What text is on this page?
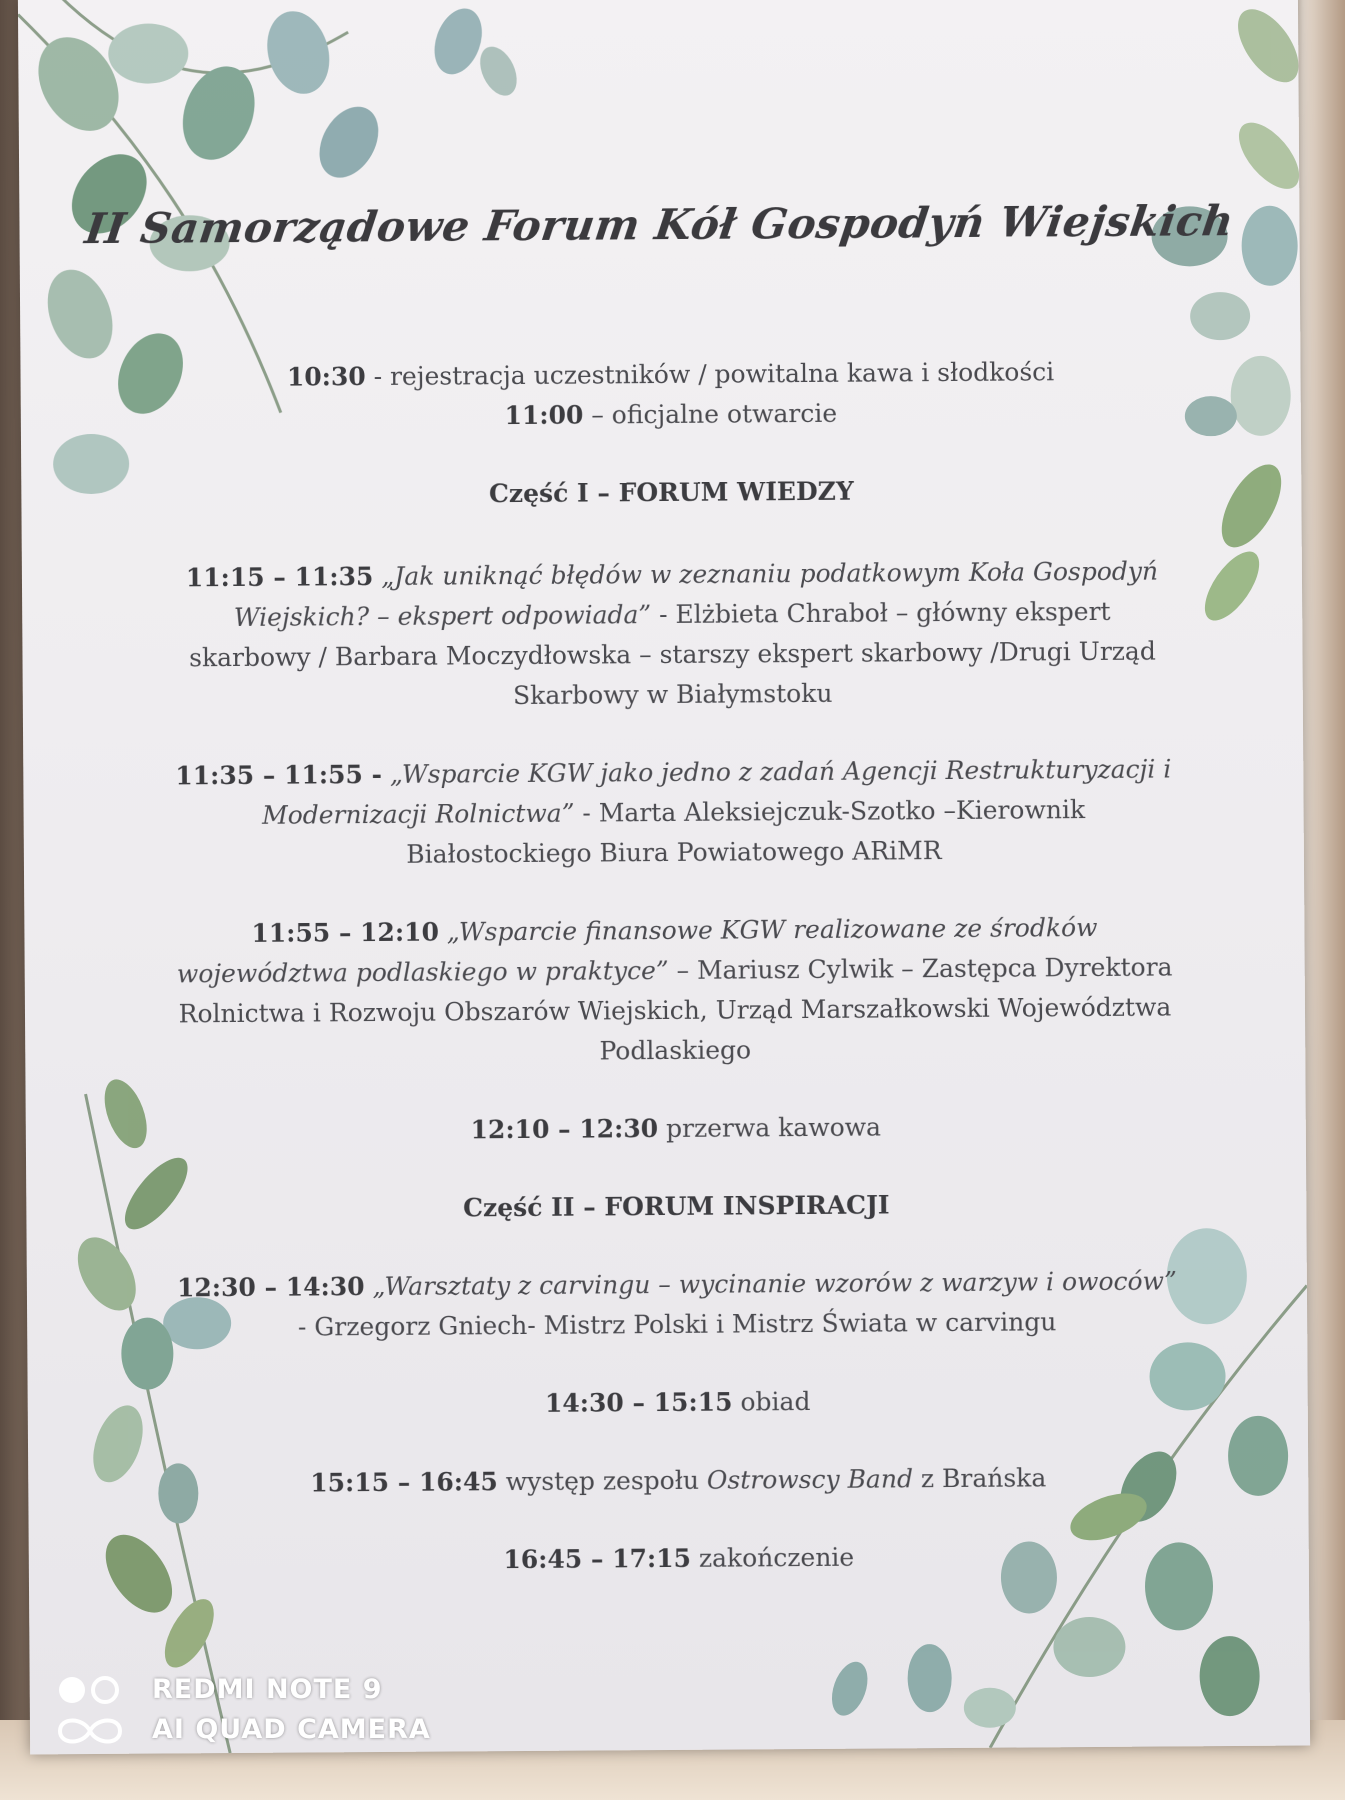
II Samorządowe Forum Kół Gospodyń Wiejskich

10:30 - rejestracja uczestników / powitalna kawa i słodkości

11:00 – oficjalne otwarcie

Część I – FORUM WIEDZY

11:15 – 11:35 „Jak uniknąć błędów w zeznaniu podatkowym Koła Gospodyń Wiejskich? – ekspert odpowiada” - Elżbieta Chraboł – główny ekspert skarbowy / Barbara Moczydłowska – starszy ekspert skarbowy /Drugi Urząd Skarbowy w Białymstoku

11:35 – 11:55 - „Wsparcie KGW jako jedno z zadań Agencji Restrukturyzacji i Modernizacji Rolnictwa” - Marta Aleksiejczuk-Szotko –Kierownik Białostockiego Biura Powiatowego ARiMR

11:55 – 12:10 „Wsparcie finansowe KGW realizowane ze środków województwa podlaskiego w praktyce” – Mariusz Cylwik – Zastępca Dyrektora Rolnictwa i Rozwoju Obszarów Wiejskich, Urząd Marszałkowski Województwa Podlaskiego

12:10 – 12:30 przerwa kawowa

Część II – FORUM INSPIRACJI

12:30 – 14:30 „Warsztaty z carvingu – wycinanie wzorów z warzyw i owoców” - Grzegorz Gniech- Mistrz Polski i Mistrz Świata w carvingu

14:30 – 15:15 obiad

15:15 – 16:45 występ zespołu Ostrowscy Band z Brańska

16:45 – 17:15 zakończenie

REDMI NOTE 9
AI QUAD CAMERA
